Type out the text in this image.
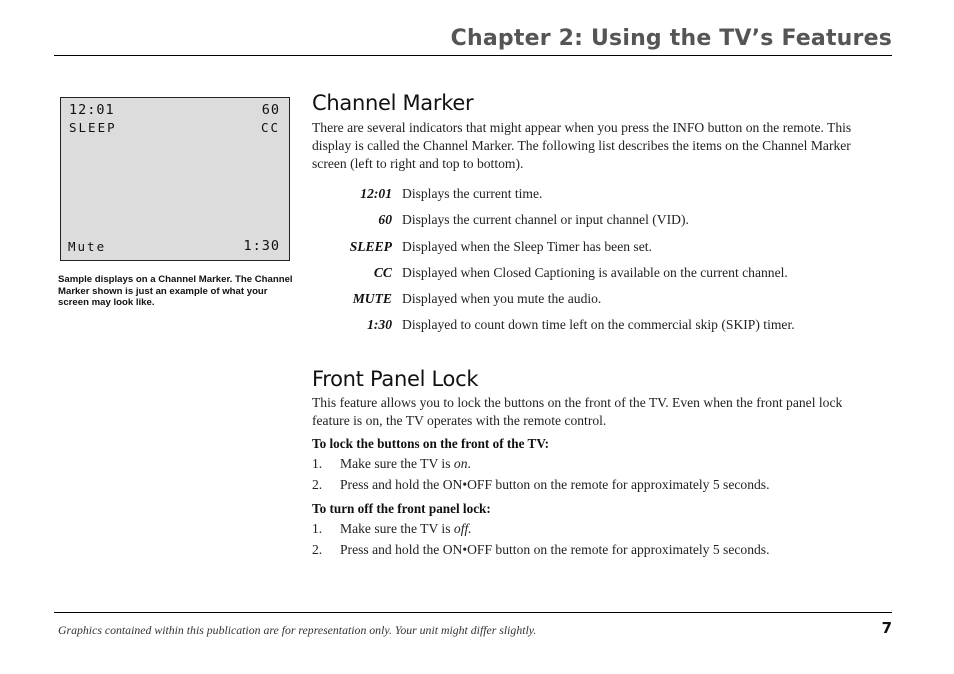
Chapter 2: Using the TV’s Features
12:01	60
SLEEP	CC
Mute	1:30
Sample displays on a Channel Marker. The Channel Marker shown is just an example of what your screen may look like.
Channel Marker

There are several indicators that might appear when you press the INFO button on the remote. This display is called the Channel Marker. The following list describes the items on the Channel Marker screen (left to right and top to bottom).

12:01 Displays the current time.
60 Displays the current channel or input channel (VID).
SLEEP Displayed when the Sleep Timer has been set.
CC Displayed when Closed Captioning is available on the current channel.
MUTE Displayed when you mute the audio.
1:30 Displayed to count down time left on the commercial skip (SKIP) timer.
Front Panel Lock

This feature allows you to lock the buttons on the front of the TV. Even when the front panel lock feature is on, the TV operates with the remote control.

To lock the buttons on the front of the TV:
1. Make sure the TV is on.
2. Press and hold the ON•OFF button on the remote for approximately 5 seconds.
To turn off the front panel lock:
1. Make sure the TV is off.
2. Press and hold the ON•OFF button on the remote for approximately 5 seconds.
Graphics contained within this publication are for representation only. Your unit might differ slightly.	7
